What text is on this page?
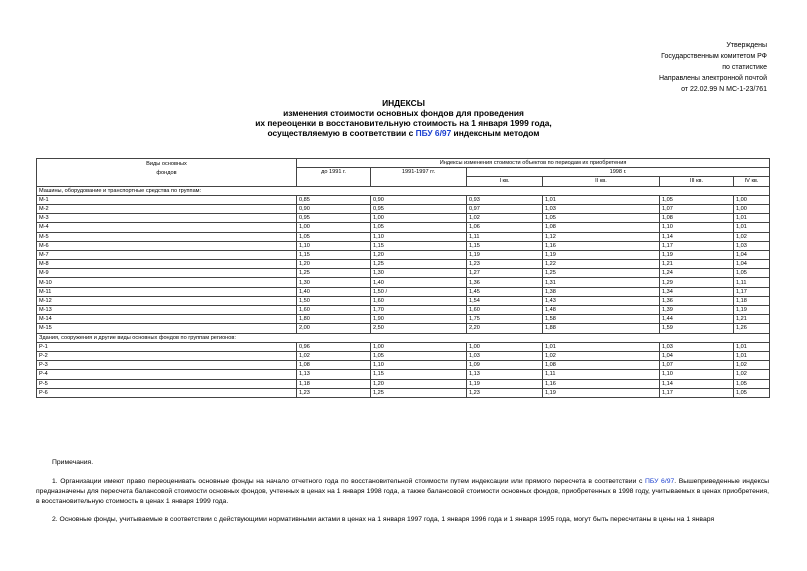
Утверждены
Государственным комитетом РФ
по статистике
Направлены электронной почтой
от 22.02.99 N МС-1-23/761
ИНДЕКСЫ
изменения стоимости основных фондов для проведения
их переоценки в восстановительную стоимость на 1 января 1999 года,
осуществляемую в соответствии с ПБУ 6/97 индексным методом
Виды основных
фондов	Индексы изменения стоимости объектов по периодам их приобретения					
	до 1991 г.	1991-1997 гг.	1998 г.			
			I кв.	II кв.	III кв.	IV кв.
Машины, оборудование и транспортные средства по группам:						
М-1	0,85	0,90	0,93	1,01	1,05	1,00
М-2	0,90	0,95	0,97	1,03	1,07	1,00
М-3	0,95	1,00	1,02	1,05	1,08	1,01
М-4	1,00	1,05	1,06	1,08	1,10	1,01
М-5	1,05	1,10	1,11	1,12	1,14	1,02
М-6	1,10	1,15	1,15	1,16	1,17	1,03
М-7	1,15	1,20	1,19	1,19	1,19	1,04
М-8	1,20	1,25	1,23	1,22	1,21	1,04
М-9	1,25	1,30	1,27	1,25	1,24	1,05
М-10	1,30	1,40	1,36	1,31	1,29	1,11
М-11	1,40	1,50 /	1,45	1,38	1,34	1,17
М-12	1,50	1,60	1,54	1,43	1,36	1,18
М-13	1,60	1,70	1,60	1,48	1,39	1,19
М-14	1,80	1,90	1,75	1,58	1,44	1,21
М-15	2,00	2,50	2,20	1,88	1,59	1,26
Здания, сооружения и другие виды основных фондов по группам регионов:						
Р-1	0,96	1,00	1,00	1,01	1,03	1,01
Р-2	1,02	1,05	1,03	1,02	1,04	1,01
Р-3	1,08	1,10	1,09	1,08	1,07	1,02
Р-4	1,13	1,15	1,13	1,11	1,10	1,02
Р-5	1,18	1,20	1,19	1,16	1,14	1,05
Р-6	1,23	1,25	1,23	1,19	1,17	1,05

Примечания.

1. Организации имеют право переоценивать основные фонды на начало отчетного года по восстановительной стоимости путем индексации или прямого пересчета в соответствии с ПБУ 6/97. Вышеприведенные индексы предназначены для пересчета балансовой стоимости основных фондов, учтенных в ценах на 1 января 1998 года, а также балансовой стоимости основных фондов, приобретенных в 1998 году, учитываемых в ценах приобретения, в восстановительную стоимость в ценах 1 января 1999 года.

2. Основные фонды, учитываемые в соответствии с действующими нормативными актами в ценах на 1 января 1997 года, 1 января 1996 года и 1 января 1995 года, могут быть пересчитаны в цены на 1 января
